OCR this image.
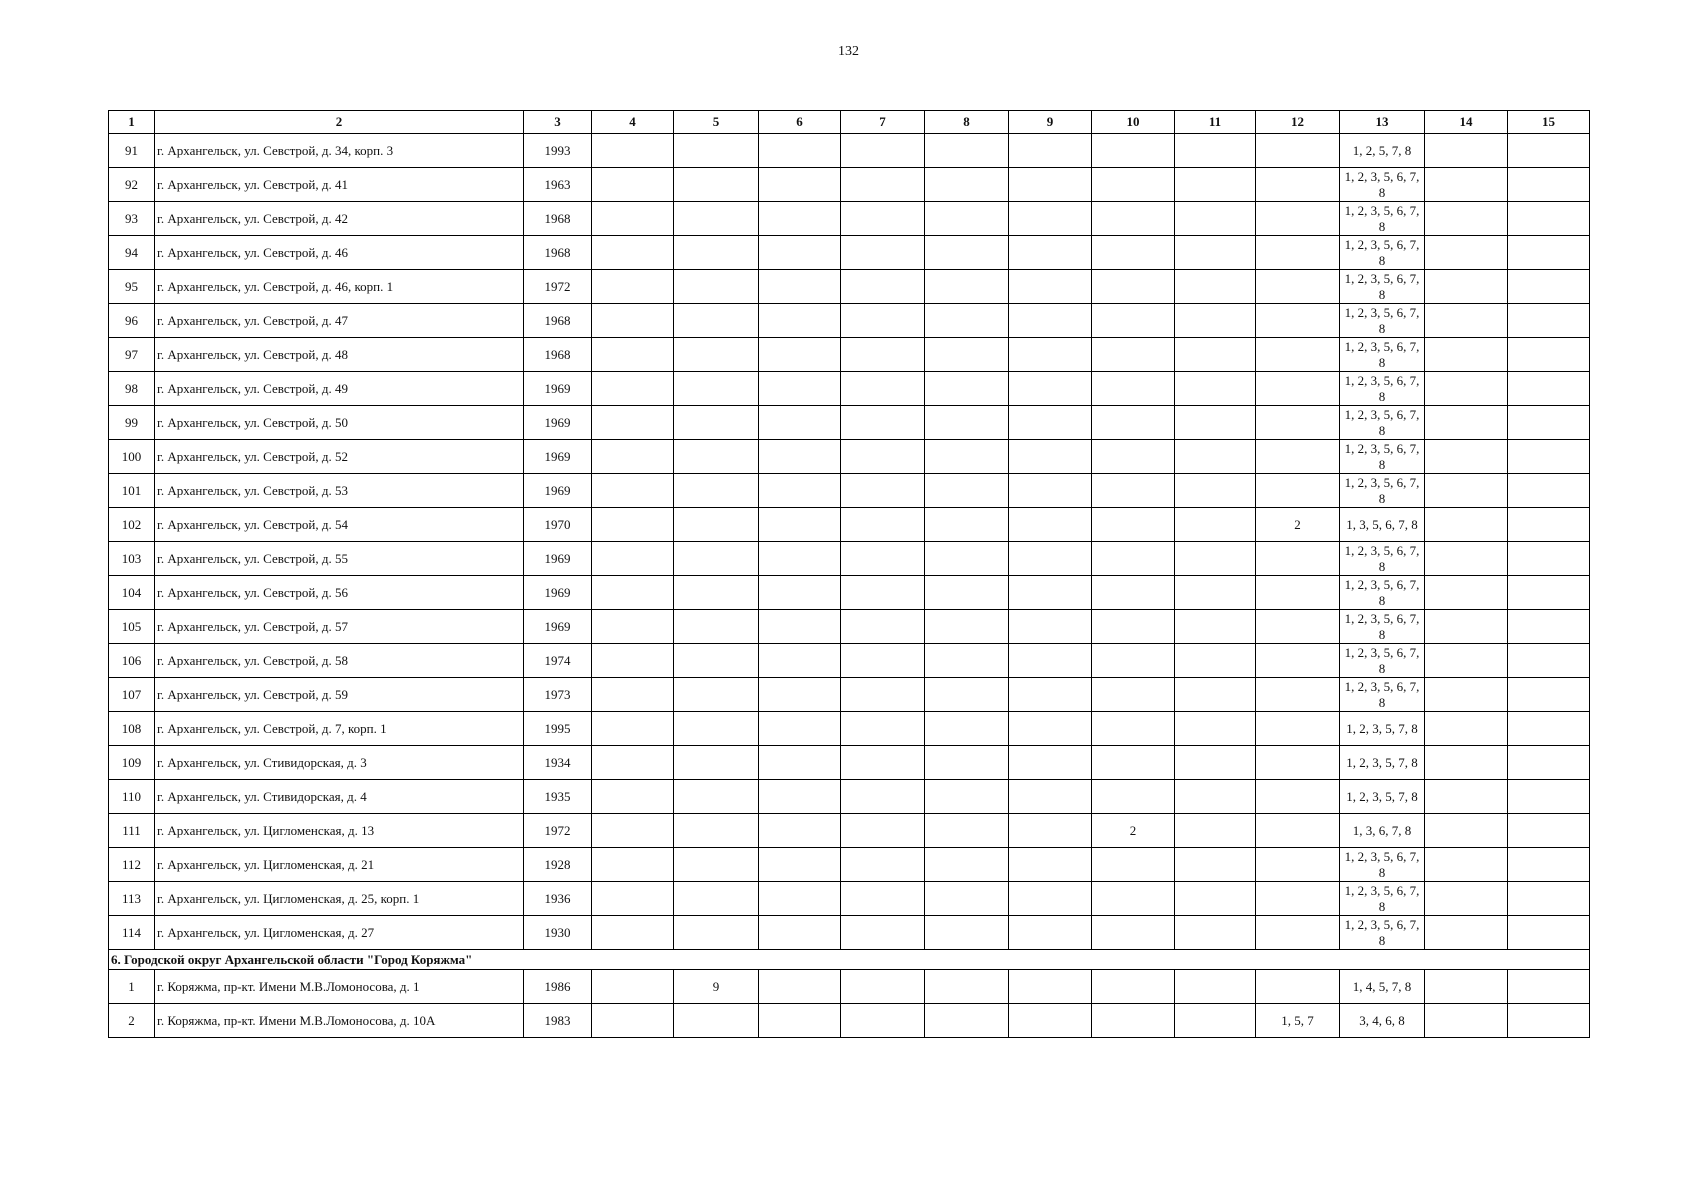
132
1	2	3	4	5	6	7	8	9	10	11	12	13	14	15
91	г. Архангельск, ул. Севстрой, д. 34, корп. 3	1993										1, 2, 5, 7, 8		
92	г. Архангельск, ул. Севстрой, д. 41	1963										1, 2, 3, 5, 6, 7, 8		
93	г. Архангельск, ул. Севстрой, д. 42	1968										1, 2, 3, 5, 6, 7, 8		
94	г. Архангельск, ул. Севстрой, д. 46	1968										1, 2, 3, 5, 6, 7, 8		
95	г. Архангельск, ул. Севстрой, д. 46, корп. 1	1972										1, 2, 3, 5, 6, 7, 8		
96	г. Архангельск, ул. Севстрой, д. 47	1968										1, 2, 3, 5, 6, 7, 8		
97	г. Архангельск, ул. Севстрой, д. 48	1968										1, 2, 3, 5, 6, 7, 8		
98	г. Архангельск, ул. Севстрой, д. 49	1969										1, 2, 3, 5, 6, 7, 8		
99	г. Архангельск, ул. Севстрой, д. 50	1969										1, 2, 3, 5, 6, 7, 8		
100	г. Архангельск, ул. Севстрой, д. 52	1969										1, 2, 3, 5, 6, 7, 8		
101	г. Архангельск, ул. Севстрой, д. 53	1969										1, 2, 3, 5, 6, 7, 8		
102	г. Архангельск, ул. Севстрой, д. 54	1970									2	1, 3, 5, 6, 7, 8		
103	г. Архангельск, ул. Севстрой, д. 55	1969										1, 2, 3, 5, 6, 7, 8		
104	г. Архангельск, ул. Севстрой, д. 56	1969										1, 2, 3, 5, 6, 7, 8		
105	г. Архангельск, ул. Севстрой, д. 57	1969										1, 2, 3, 5, 6, 7, 8		
106	г. Архангельск, ул. Севстрой, д. 58	1974										1, 2, 3, 5, 6, 7, 8		
107	г. Архангельск, ул. Севстрой, д. 59	1973										1, 2, 3, 5, 6, 7, 8		
108	г. Архангельск, ул. Севстрой, д. 7, корп. 1	1995										1, 2, 3, 5, 7, 8		
109	г. Архангельск, ул. Стивидорская, д. 3	1934										1, 2, 3, 5, 7, 8		
110	г. Архангельск, ул. Стивидорская, д. 4	1935										1, 2, 3, 5, 7, 8		
111	г. Архангельск, ул. Цигломенская, д. 13	1972							2			1, 3, 6, 7, 8		
112	г. Архангельск, ул. Цигломенская, д. 21	1928										1, 2, 3, 5, 6, 7, 8		
113	г. Архангельск, ул. Цигломенская, д. 25, корп. 1	1936										1, 2, 3, 5, 6, 7, 8		
114	г. Архангельск, ул. Цигломенская, д. 27	1930										1, 2, 3, 5, 6, 7, 8		
6. Городской округ Архангельской области "Город Коряжма"														
1	г. Коряжма, пр-кт. Имени М.В.Ломоносова, д. 1	1986		9								1, 4, 5, 7, 8		
2	г. Коряжма, пр-кт. Имени М.В.Ломоносова, д. 10А	1983									1, 5, 7	3, 4, 6, 8		
